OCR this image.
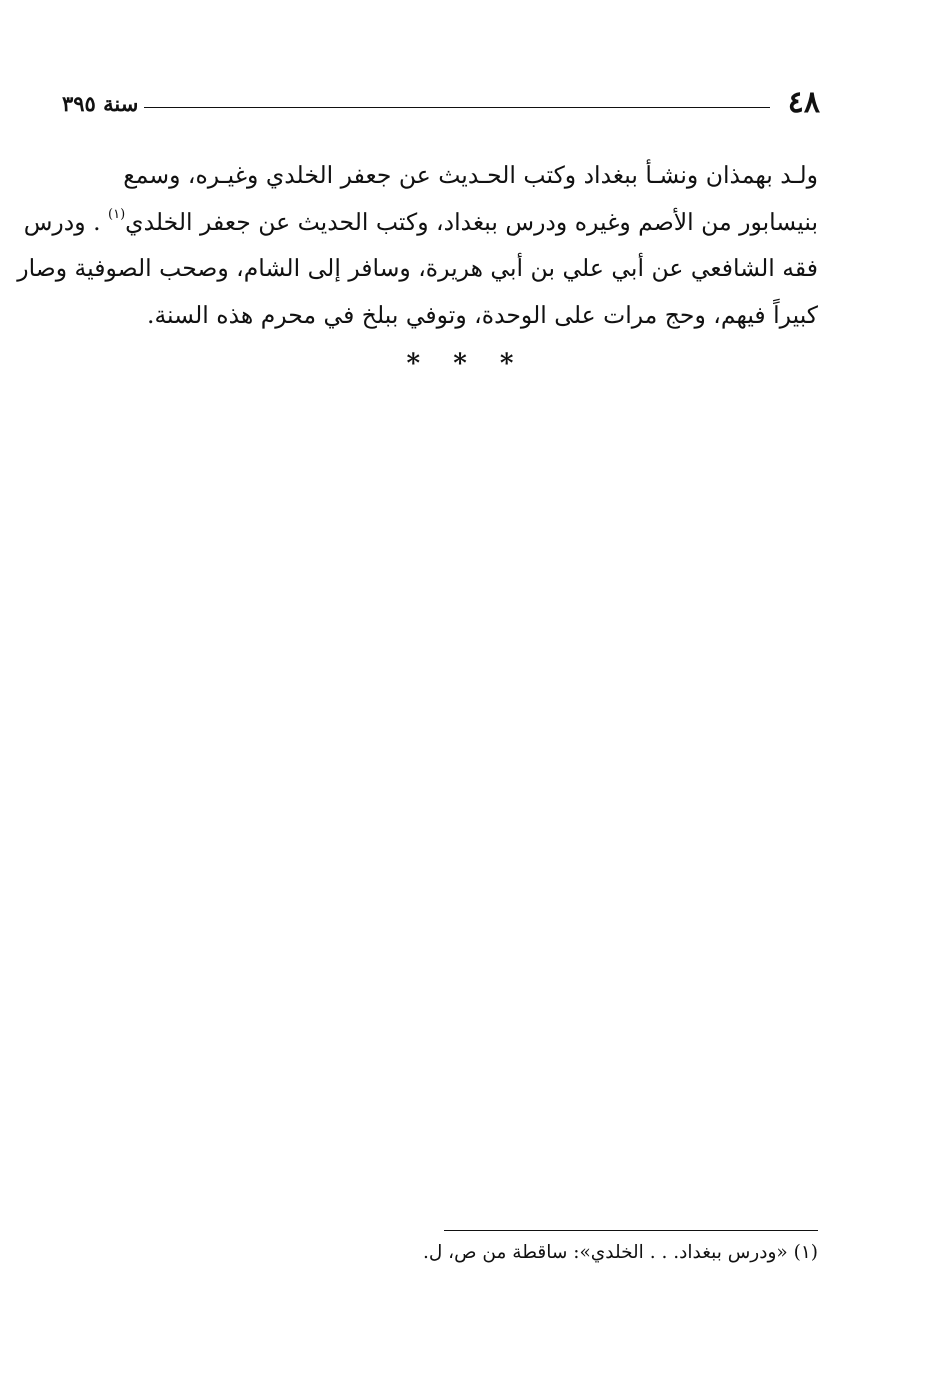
٤٨
سنة ٣٩٥
ولـد بهمذان ونشـأ ببغداد وكتب الحـديث عن جعفر الخلدي وغيـره، وسمع
بنيسابور من الأصم وغيره ودرس ببغداد، وكتب الحديث عن جعفر الخلدي$^{(١)}$ . ودرس
فقه الشافعي عن أبي علي بن أبي هريرة، وسافر إلى الشام، وصحب الصوفية وصار
كبيراً فيهم، وحج مرات على الوحدة، وتوفي ببلخ في محرم هذه السنة.
* * *

(١) «ودرس ببغداد. . . الخلدي»: ساقطة من ص، ل.
